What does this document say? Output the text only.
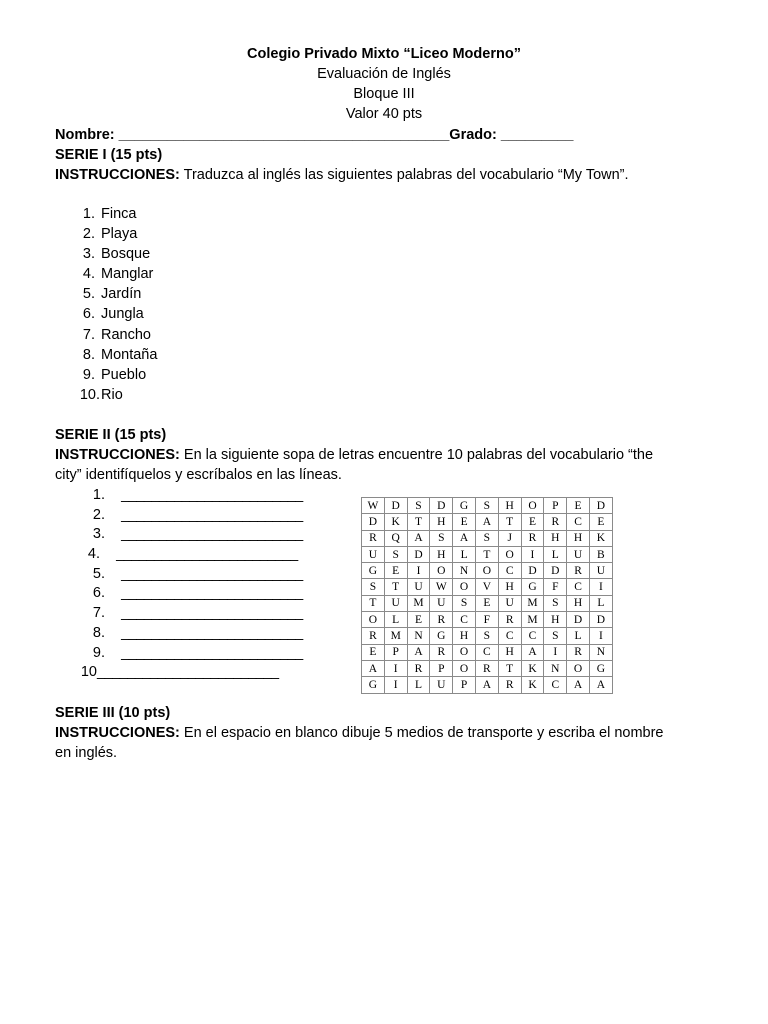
Colegio Privado Mixto “Liceo Moderno”
Evaluación de Inglés
Bloque III
Valor 40 pts
Nombre: _________________________________________Grado: _________
SERIE I (15 pts)
INSTRUCCIONES: Traduzca al inglés las siguientes palabras del vocabulario “My Town”.
1. Finca
2. Playa
3. Bosque
4. Manglar
5. Jardín
6. Jungla
7. Rancho
8. Montaña
9. Pueblo
10. Rio
SERIE II (15 pts)
INSTRUCCIONES: En la siguiente sopa de letras encuentre 10 palabras del vocabulario “the
city” identifíquelos y escríbalos en las líneas.
1.
________________________
2.
________________________
3.
________________________
4.
________________________
5.
________________________
6.
________________________
7.
________________________
8.
________________________
9.
________________________
10 ________________________
W	D	S	D	G	S	H	O	P	E	D
D	K	T	H	E	A	T	E	R	C	E
R	Q	A	S	A	S	J	R	H	H	K
U	S	D	H	L	T	O	I	L	U	B
G	E	I	O	N	O	C	D	D	R	U
S	T	U	W	O	V	H	G	F	C	I
T	U	M	U	S	E	U	M	S	H	L
O	L	E	R	C	F	R	M	H	D	D
R	M	N	G	H	S	C	C	S	L	I
E	P	A	R	O	C	H	A	I	R	N
A	I	R	P	O	R	T	K	N	O	G
G	I	L	U	P	A	R	K	C	A	A
SERIE III (10 pts)
INSTRUCCIONES: En el espacio en blanco dibuje 5 medios de transporte y escriba el nombre
en inglés.
